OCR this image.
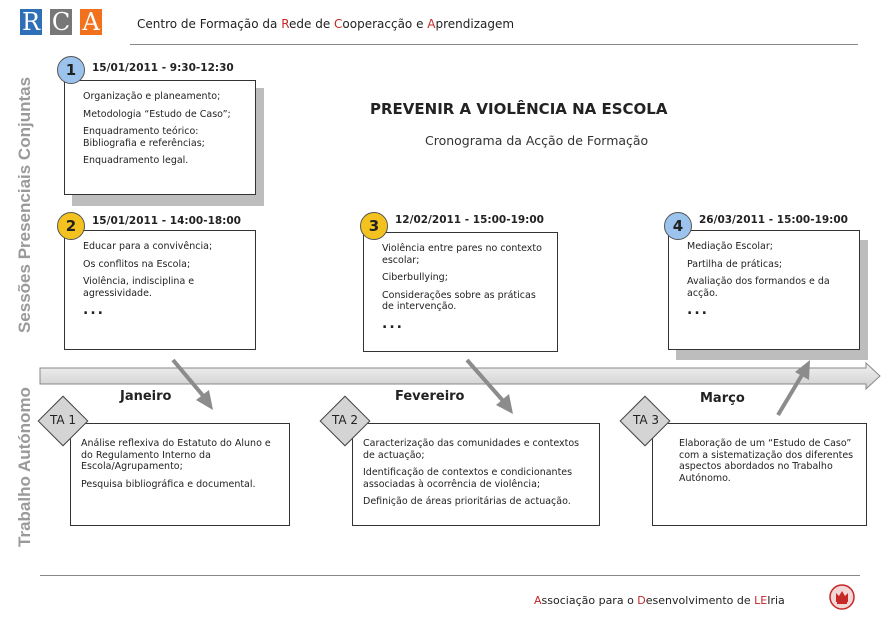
R C A	Centro de Formação da Rede de Cooperacção e Aprendizagem
Sessões Presenciais Conjuntas
Trabalho Autónomo
PREVENIR A VIOLÊNCIA NA ESCOLA
Cronograma da Acção de Formação

Organização e planeamento;

Metodologia “Estudo de Caso”;

Enquadramento teórico: Bibliografia e referências;

Enquadramento legal.

1	15/01/2011 - 9:30-12:30

Educar para a convivência;

Os conflitos na Escola;

Violência, indisciplina e agressividade.

...
2	15/01/2011 - 14:00-18:00

Violência entre pares no contexto escolar;

Ciberbullying;

Considerações sobre as práticas de intervenção.

...
3	12/02/2011 - 15:00-19:00

Mediação Escolar;

Partilha de práticas;

Avaliação dos formandos e da acção.

...
4	26/03/2011 - 15:00-19:00
Janeiro	Fevereiro	Março

Análise reflexiva do Estatuto do Aluno e do Regulamento Interno da Escola/Agrupamento;

Pesquisa bibliográfica e documental.

TA 1

Caracterização das comunidades e contextos de actuação;

Identificação de contextos e condicionantes associadas à ocorrência de violência;

Definição de áreas prioritárias de actuação.

TA 2

Elaboração de um “Estudo de Caso” com a sistematização dos diferentes aspectos abordados no Trabalho Autónomo.

TA 3
Associação para o Desenvolvimento de LEIria
